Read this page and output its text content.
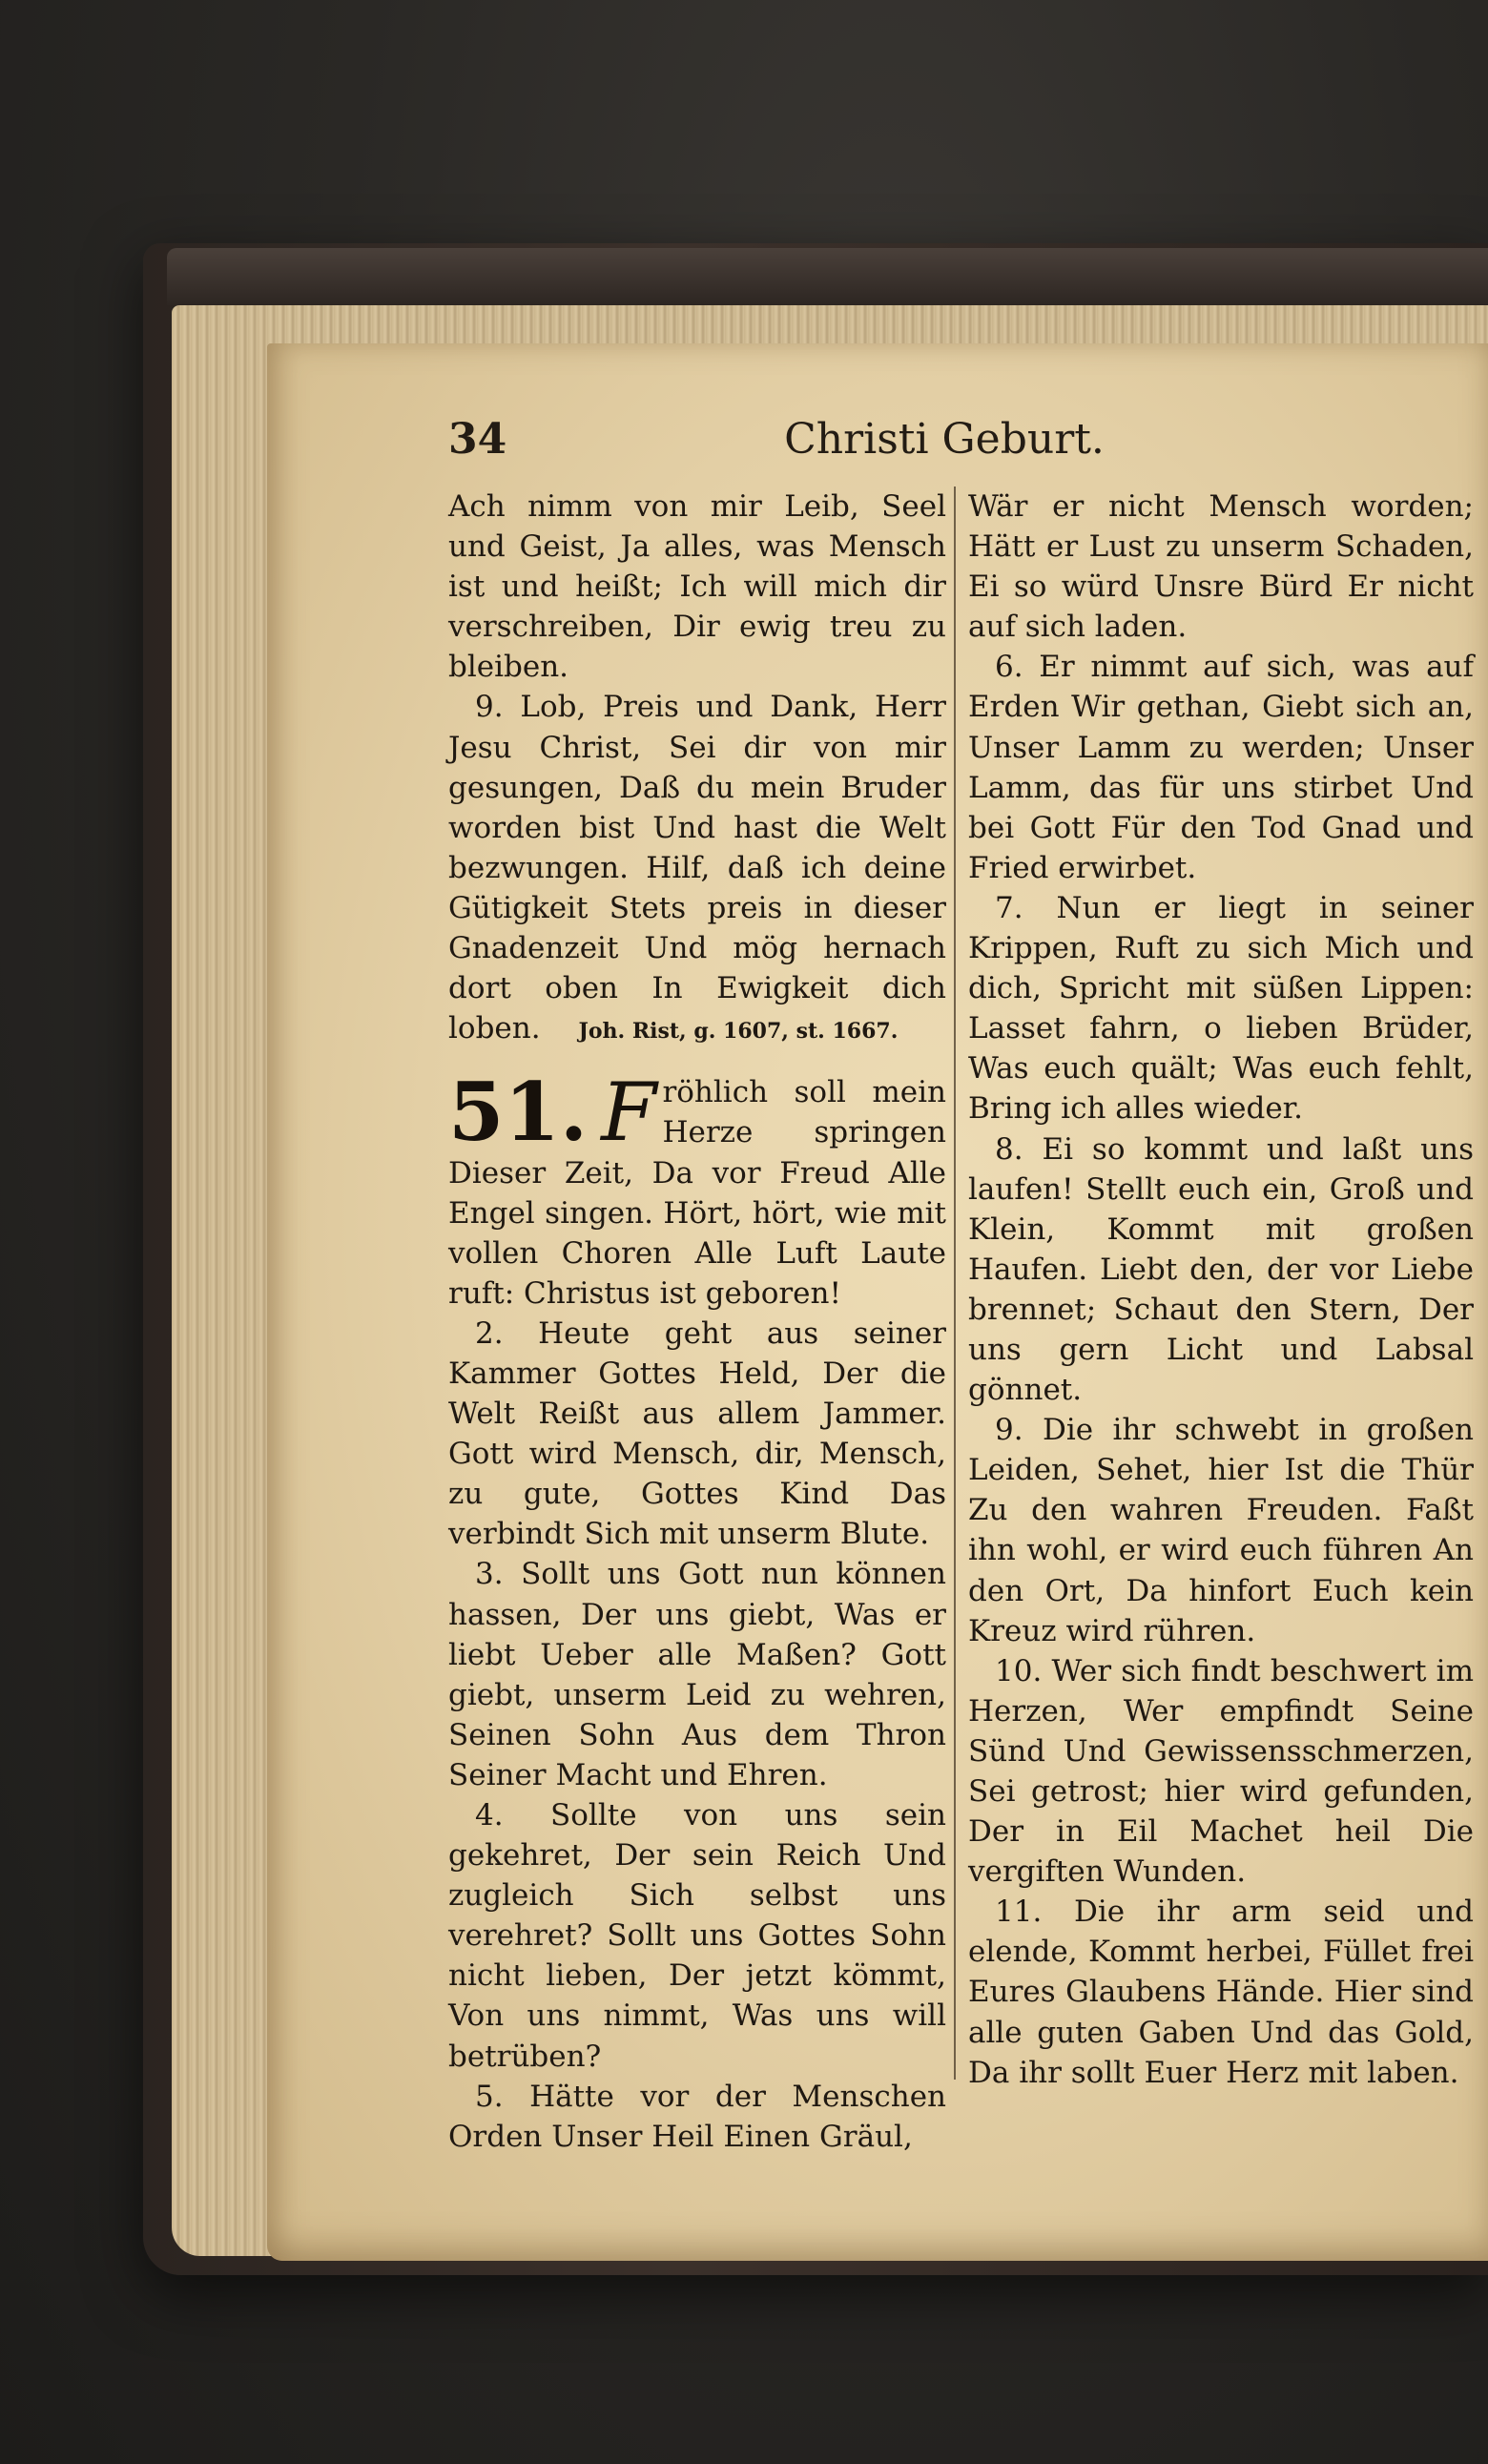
34	Christi Geburt.

Ach nimm von mir Leib, Seel und Geist, Ja alles, was Mensch ist und heißt; Ich will mich dir verschreiben, Dir ewig treu zu bleiben.

9. Lob, Preis und Dank, Herr Jesu Christ, Sei dir von mir gesungen, Daß du mein Bruder worden bist Und hast die Welt bezwungen. Hilf, daß ich deine Gütigkeit Stets preis in dieser Gnadenzeit Und mög hernach dort oben In Ewigkeit dich loben. Joh. Rist, g. 1607, st. 1667.

51. F röhlich soll mein Herze springen Dieser Zeit, Da vor Freud Alle Engel singen. Hört, hört, wie mit vollen Choren Alle Luft Laute ruft: Christus ist geboren!

2. Heute geht aus seiner Kammer Gottes Held, Der die Welt Reißt aus allem Jammer. Gott wird Mensch, dir, Mensch, zu gute, Gottes Kind Das verbindt Sich mit unserm Blute.

3. Sollt uns Gott nun können hassen, Der uns giebt, Was er liebt Ueber alle Maßen? Gott giebt, unserm Leid zu wehren, Seinen Sohn Aus dem Thron Seiner Macht und Ehren.

4. Sollte von uns sein gekehret, Der sein Reich Und zugleich Sich selbst uns verehret? Sollt uns Gottes Sohn nicht lieben, Der jetzt kömmt, Von uns nimmt, Was uns will betrüben?

5. Hätte vor der Menschen Orden Unser Heil Einen Gräul,

Wär er nicht Mensch worden; Hätt er Lust zu unserm Schaden, Ei so würd Unsre Bürd Er nicht auf sich laden.

6. Er nimmt auf sich, was auf Erden Wir gethan, Giebt sich an, Unser Lamm zu werden; Unser Lamm, das für uns stirbet Und bei Gott Für den Tod Gnad und Fried erwirbet.

7. Nun er liegt in seiner Krippen, Ruft zu sich Mich und dich, Spricht mit süßen Lippen: Lasset fahrn, o lieben Brüder, Was euch quält; Was euch fehlt, Bring ich alles wieder.

8. Ei so kommt und laßt uns laufen! Stellt euch ein, Groß und Klein, Kommt mit großen Haufen. Liebt den, der vor Liebe brennet; Schaut den Stern, Der uns gern Licht und Labsal gönnet.

9. Die ihr schwebt in großen Leiden, Sehet, hier Ist die Thür Zu den wahren Freuden. Faßt ihn wohl, er wird euch führen An den Ort, Da hinfort Euch kein Kreuz wird rühren.

10. Wer sich findt beschwert im Herzen, Wer empfindt Seine Sünd Und Gewissensschmerzen, Sei getrost; hier wird gefunden, Der in Eil Machet heil Die vergiften Wunden.

11. Die ihr arm seid und elende, Kommt herbei, Füllet frei Eures Glaubens Hände. Hier sind alle guten Gaben Und das Gold, Da ihr sollt Euer Herz mit laben.
